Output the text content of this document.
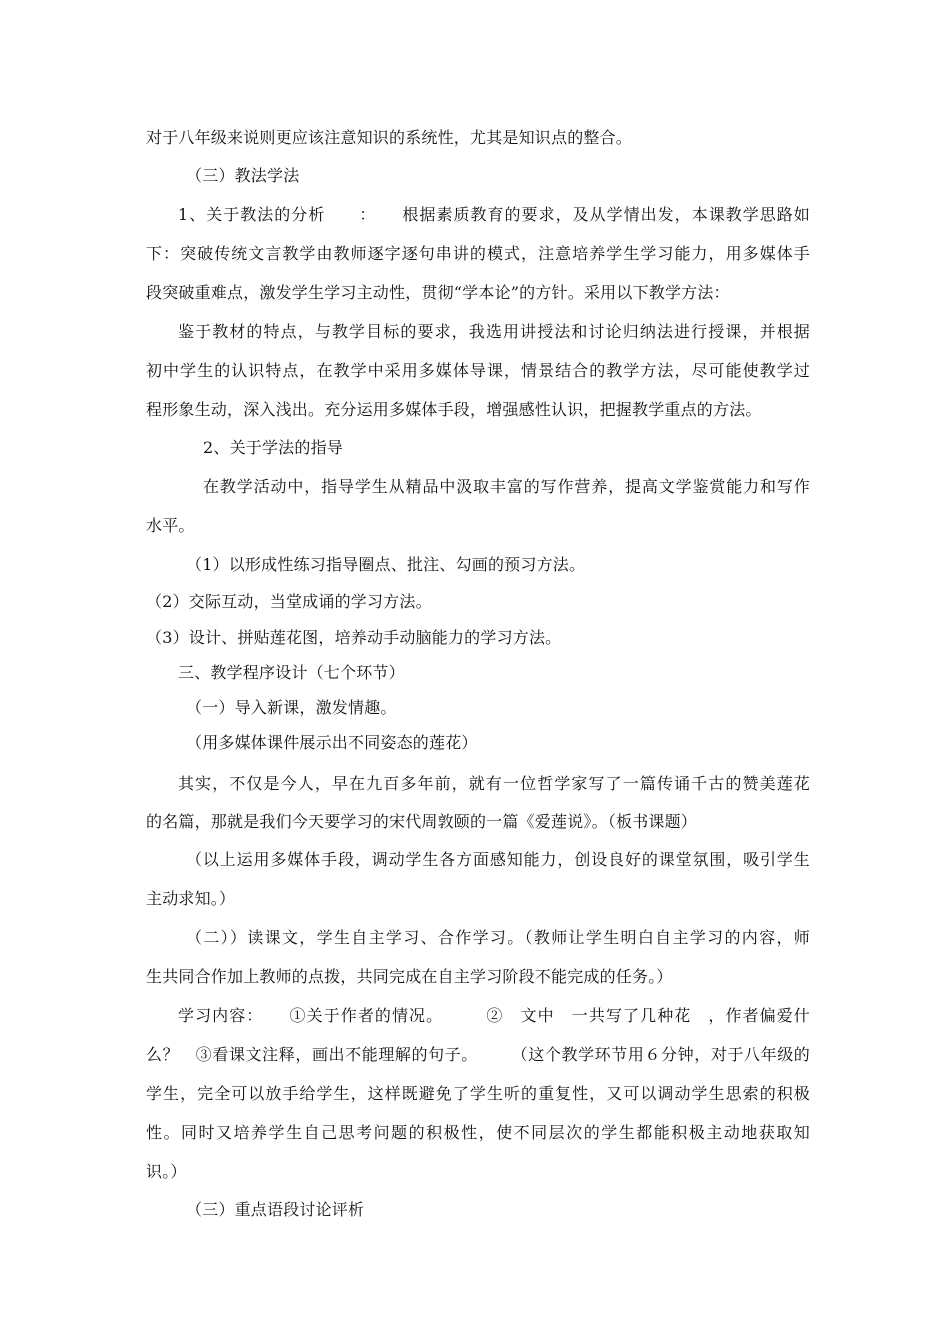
对于八年级来说则更应该注意知识的系统性，尤其是知识点的整合。
（三）教法学法
1、关于教法的分析　　：　　根据素质教育的要求，及从学情出发，本课教学思路如
下：突破传统文言教学由教师逐字逐句串讲的模式，注意培养学生学习能力，用多媒体手
段突破重难点，激发学生学习主动性，贯彻“学本论”的方针。采用以下教学方法：
鉴于教材的特点，与教学目标的要求，我选用讲授法和讨论归纳法进行授课，并根据
初中学生的认识特点，在教学中采用多媒体导课，情景结合的教学方法，尽可能使教学过
程形象生动，深入浅出。充分运用多媒体手段，增强感性认识，把握教学重点的方法。
2、关于学法的指导
在教学活动中，指导学生从精品中汲取丰富的写作营养，提高文学鉴赏能力和写作
水平。
（1）以形成性练习指导圈点、批注、勾画的预习方法。
（2）交际互动，当堂成诵的学习方法。
（3）设计、拼贴莲花图，培养动手动脑能力的学习方法。
三、教学程序设计（七个环节）
（一）导入新课，激发情趣。
（用多媒体课件展示出不同姿态的莲花）
其实，不仅是今人，早在九百多年前，就有一位哲学家写了一篇传诵千古的赞美莲花
的名篇，那就是我们今天要学习的宋代周敦颐的一篇《爱莲说》。（板书课题）
（以上运用多媒体手段，调动学生各方面感知能力，创设良好的课堂氛围，吸引学生
主动求知。）
（二））读课文，学生自主学习、合作学习。（教师让学生明白自主学习的内容，师
生共同合作加上教师的点拨，共同完成在自主学习阶段不能完成的任务。）
学习内容：　　①关于作者的情况。　　　②　文中　一共写了几种花　，作者偏爱什
么？　③看课文注释，画出不能理解的句子。　　　（这个教学环节用６分钟，对于八年级的
学生，完全可以放手给学生，这样既避免了学生听的重复性，又可以调动学生思索的积极
性。同时又培养学生自己思考问题的积极性，使不同层次的学生都能积极主动地获取知
识。）
（三）重点语段讨论评析
